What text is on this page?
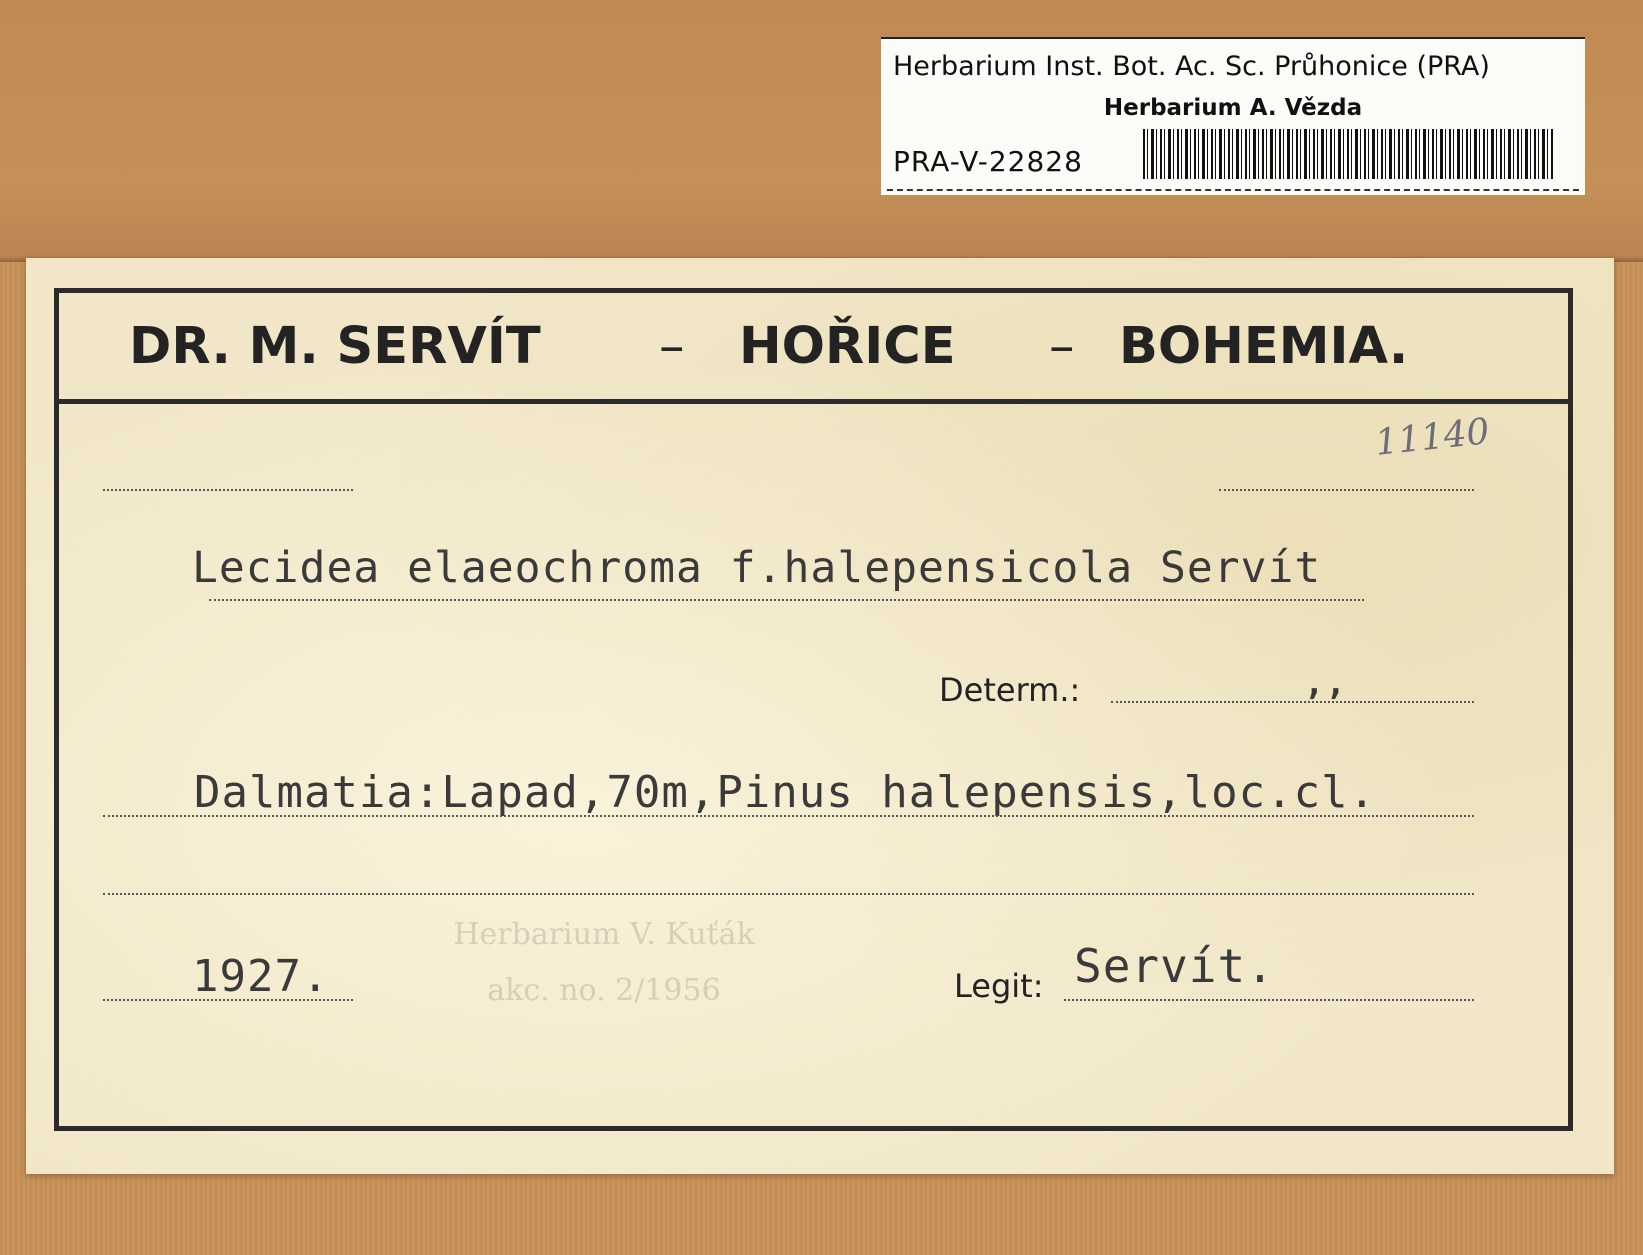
Herbarium Inst. Bot. Ac. Sc. Průhonice (PRA)
Herbarium A. Vězda
PRA-V-22828
DR. M. SERVÍT – HOŘICE – BOHEMIA.
11140
Lecidea elaeochroma f.halepensicola Servít
Determ.:	,,
Dalmatia:Lapad,70m,Pinus halepensis,loc.cl.
Herbarium V. Kuťák
akc. no. 2/1956
1927.	Legit: Servít.
